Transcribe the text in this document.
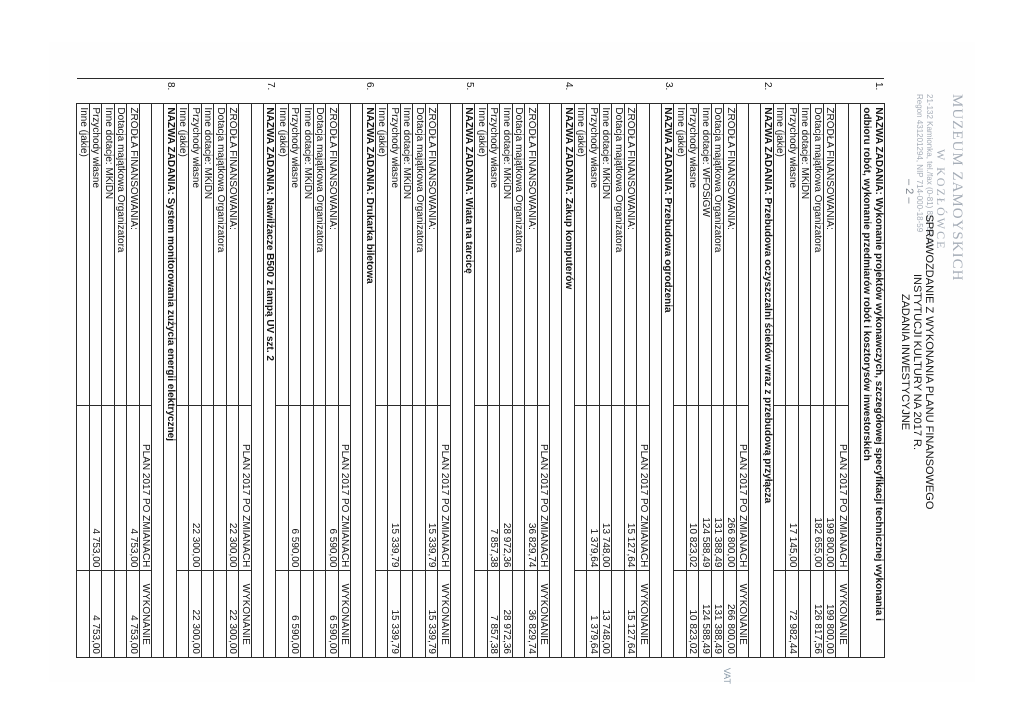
MUZEUM ZAMOYSKICH
W KOZŁÓWCE
21-132 Kamionka, tel./fax (0-81) 852-83-00
Regon 431201294, NIP 714-000-18-59
– 2 –
SPRAWOZDANIE Z WYKONANIA PLANU FINANSOWEGO
INSTYTUCJI KULTURY NA 2017 R.
ZADANIA INWESTYCYJNE
VAT
1.	NAZWA ZADANIA: Wykonanie projektów wykonawczych, szczegółowej specyfikacji technicznej wykonania i odbioru robót, wykonanie przedmiarów robót i kosztorysów inwestorskich		

		PLAN 2017 PO ZMIANACH	WYKONANIE
	ŹRÓDŁA FINANSOWANIA:	199 800,00	199 800,00
	Dotacja majątkowa Organizatora	182 655,00	126 817,56
	Inne dotacje: MKiDN		
	Przychody własne	17 145,00	72 982,44
	Inne (jakie)		
2.	NAZWA ZADANIA: Przebudowa oczyszczalni ścieków wraz z przebudową przyłącza		

		PLAN 2017 PO ZMIANACH	WYKONANIE
	ŹRÓDŁA FINANSOWANIA:	266 800,00	266 800,00
	Dotacja majątkowa Organizatora	131 388,49	131 388,49
	Inne dotacje: WFOŚiGW	124 588,49	124 588,49
	Przychody własne	10 823,02	10 823,02
	Inne (jakie)		
3.	NAZWA ZADANIA: Przebudowa ogrodzenia		

		PLAN 2017 PO ZMIANACH	WYKONANIE
	ŹRÓDŁA FINANSOWANIA:	15 127,64	15 127,64
	Dotacja majątkowa Organizatora		
	Inne dotacje: MKiDN	13 748,00	13 748,00
	Przychody własne	1 379,64	1 379,64
	Inne (jakie)		
4.	NAZWA ZADANIA: Zakup komputerów		

		PLAN 2017 PO ZMIANACH	WYKONANIE
	ŹRÓDŁA FINANSOWANIA:	36 829,74	36 829,74
	Dotacja majątkowa Organizatora		
	Inne dotacje: MKiDN	28 972,36	28 972,36
	Przychody własne	7 857,38	7 857,38
	Inne (jakie)		
5.	NAZWA ZADANIA: Wiata na tarcicę		

		PLAN 2017 PO ZMIANACH	WYKONANIE
	ŹRÓDŁA FINANSOWANIA:	15 339,79	15 339,79
	Dotacja majątkowa Organizatora		
	Inne dotacje: MKiDN		
	Przychody własne	15 339,79	15 339,79
	Inne (jakie)		
6.	NAZWA ZADANIA: Drukarka biletowa		

		PLAN 2017 PO ZMIANACH	WYKONANIE
	ŹRÓDŁA FINANSOWANIA:	6 590,00	6 590,00
	Dotacja majątkowa Organizatora		
	Inne dotacje: MKiDN		
	Przychody własne	6 590,00	6 590,00
	Inne (jakie)		
7.	NAZWA ZADANIA: Nawilżacze B500 z lampą UV szt. 2		

		PLAN 2017 PO ZMIANACH	WYKONANIE
	ŹRÓDŁA FINANSOWANIA:	22 300,00	22 300,00
	Dotacja majątkowa Organizatora		
	Inne dotacje: MKiDN		
	Przychody własne	22 300,00	22 300,00
	Inne (jakie)		
8.	NAZWA ZADANIA: System monitorowania zużycia energii elektrycznej		

		PLAN 2017 PO ZMIANACH	WYKONANIE
	ŹRÓDŁA FINANSOWANIA:	4 753,00	4 753,00
	Dotacja majątkowa Organizatora		
	Inne dotacje: MKiDN		
	Przychody własne	4 753,00	4 753,00
	Inne (jakie)		
